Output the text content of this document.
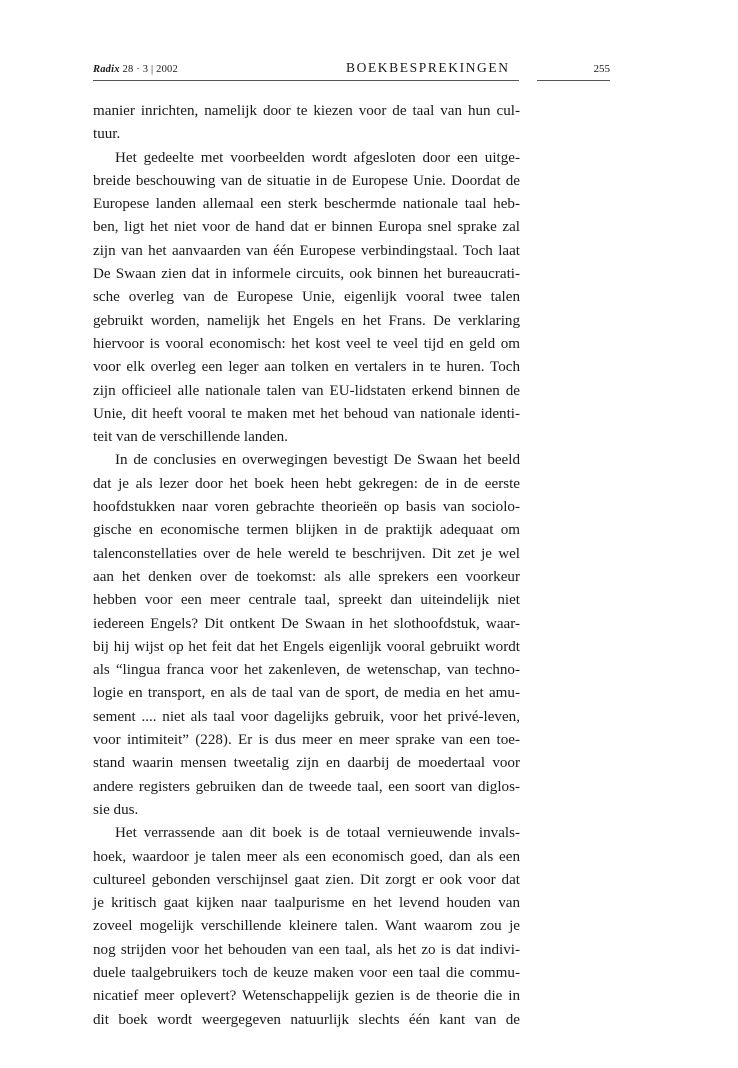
Radix 28 · 3 | 2002	BOEKBESPREKINGEN	255
manier inrichten, namelijk door te kiezen voor de taal van hun cul-
tuur.
Het gedeelte met voorbeelden wordt afgesloten door een uitge-
breide beschouwing van de situatie in de Europese Unie. Doordat de
Europese landen allemaal een sterk beschermde nationale taal heb-
ben, ligt het niet voor de hand dat er binnen Europa snel sprake zal
zijn van het aanvaarden van één Europese verbindingstaal. Toch laat
De Swaan zien dat in informele circuits, ook binnen het bureaucrati-
sche overleg van de Europese Unie, eigenlijk vooral twee talen
gebruikt worden, namelijk het Engels en het Frans. De verklaring
hiervoor is vooral economisch: het kost veel te veel tijd en geld om
voor elk overleg een leger aan tolken en vertalers in te huren. Toch
zijn officieel alle nationale talen van EU-lidstaten erkend binnen de
Unie, dit heeft vooral te maken met het behoud van nationale identi-
teit van de verschillende landen.
In de conclusies en overwegingen bevestigt De Swaan het beeld
dat je als lezer door het boek heen hebt gekregen: de in de eerste
hoofdstukken naar voren gebrachte theorieën op basis van sociolo-
gische en economische termen blijken in de praktijk adequaat om
talenconstellaties over de hele wereld te beschrijven. Dit zet je wel
aan het denken over de toekomst: als alle sprekers een voorkeur
hebben voor een meer centrale taal, spreekt dan uiteindelijk niet
iedereen Engels? Dit ontkent De Swaan in het slothoofdstuk, waar-
bij hij wijst op het feit dat het Engels eigenlijk vooral gebruikt wordt
als “lingua franca voor het zakenleven, de wetenschap, van techno-
logie en transport, en als de taal van de sport, de media en het amu-
sement .... niet als taal voor dagelijks gebruik, voor het privé-leven,
voor intimiteit” (228). Er is dus meer en meer sprake van een toe-
stand waarin mensen tweetalig zijn en daarbij de moedertaal voor
andere registers gebruiken dan de tweede taal, een soort van diglos-
sie dus.
Het verrassende aan dit boek is de totaal vernieuwende invals-
hoek, waardoor je talen meer als een economisch goed, dan als een
cultureel gebonden verschijnsel gaat zien. Dit zorgt er ook voor dat
je kritisch gaat kijken naar taalpurisme en het levend houden van
zoveel mogelijk verschillende kleinere talen. Want waarom zou je
nog strijden voor het behouden van een taal, als het zo is dat indivi-
duele taalgebruikers toch de keuze maken voor een taal die commu-
nicatief meer oplevert? Wetenschappelijk gezien is de theorie die in
dit boek wordt weergegeven natuurlijk slechts één kant van de
